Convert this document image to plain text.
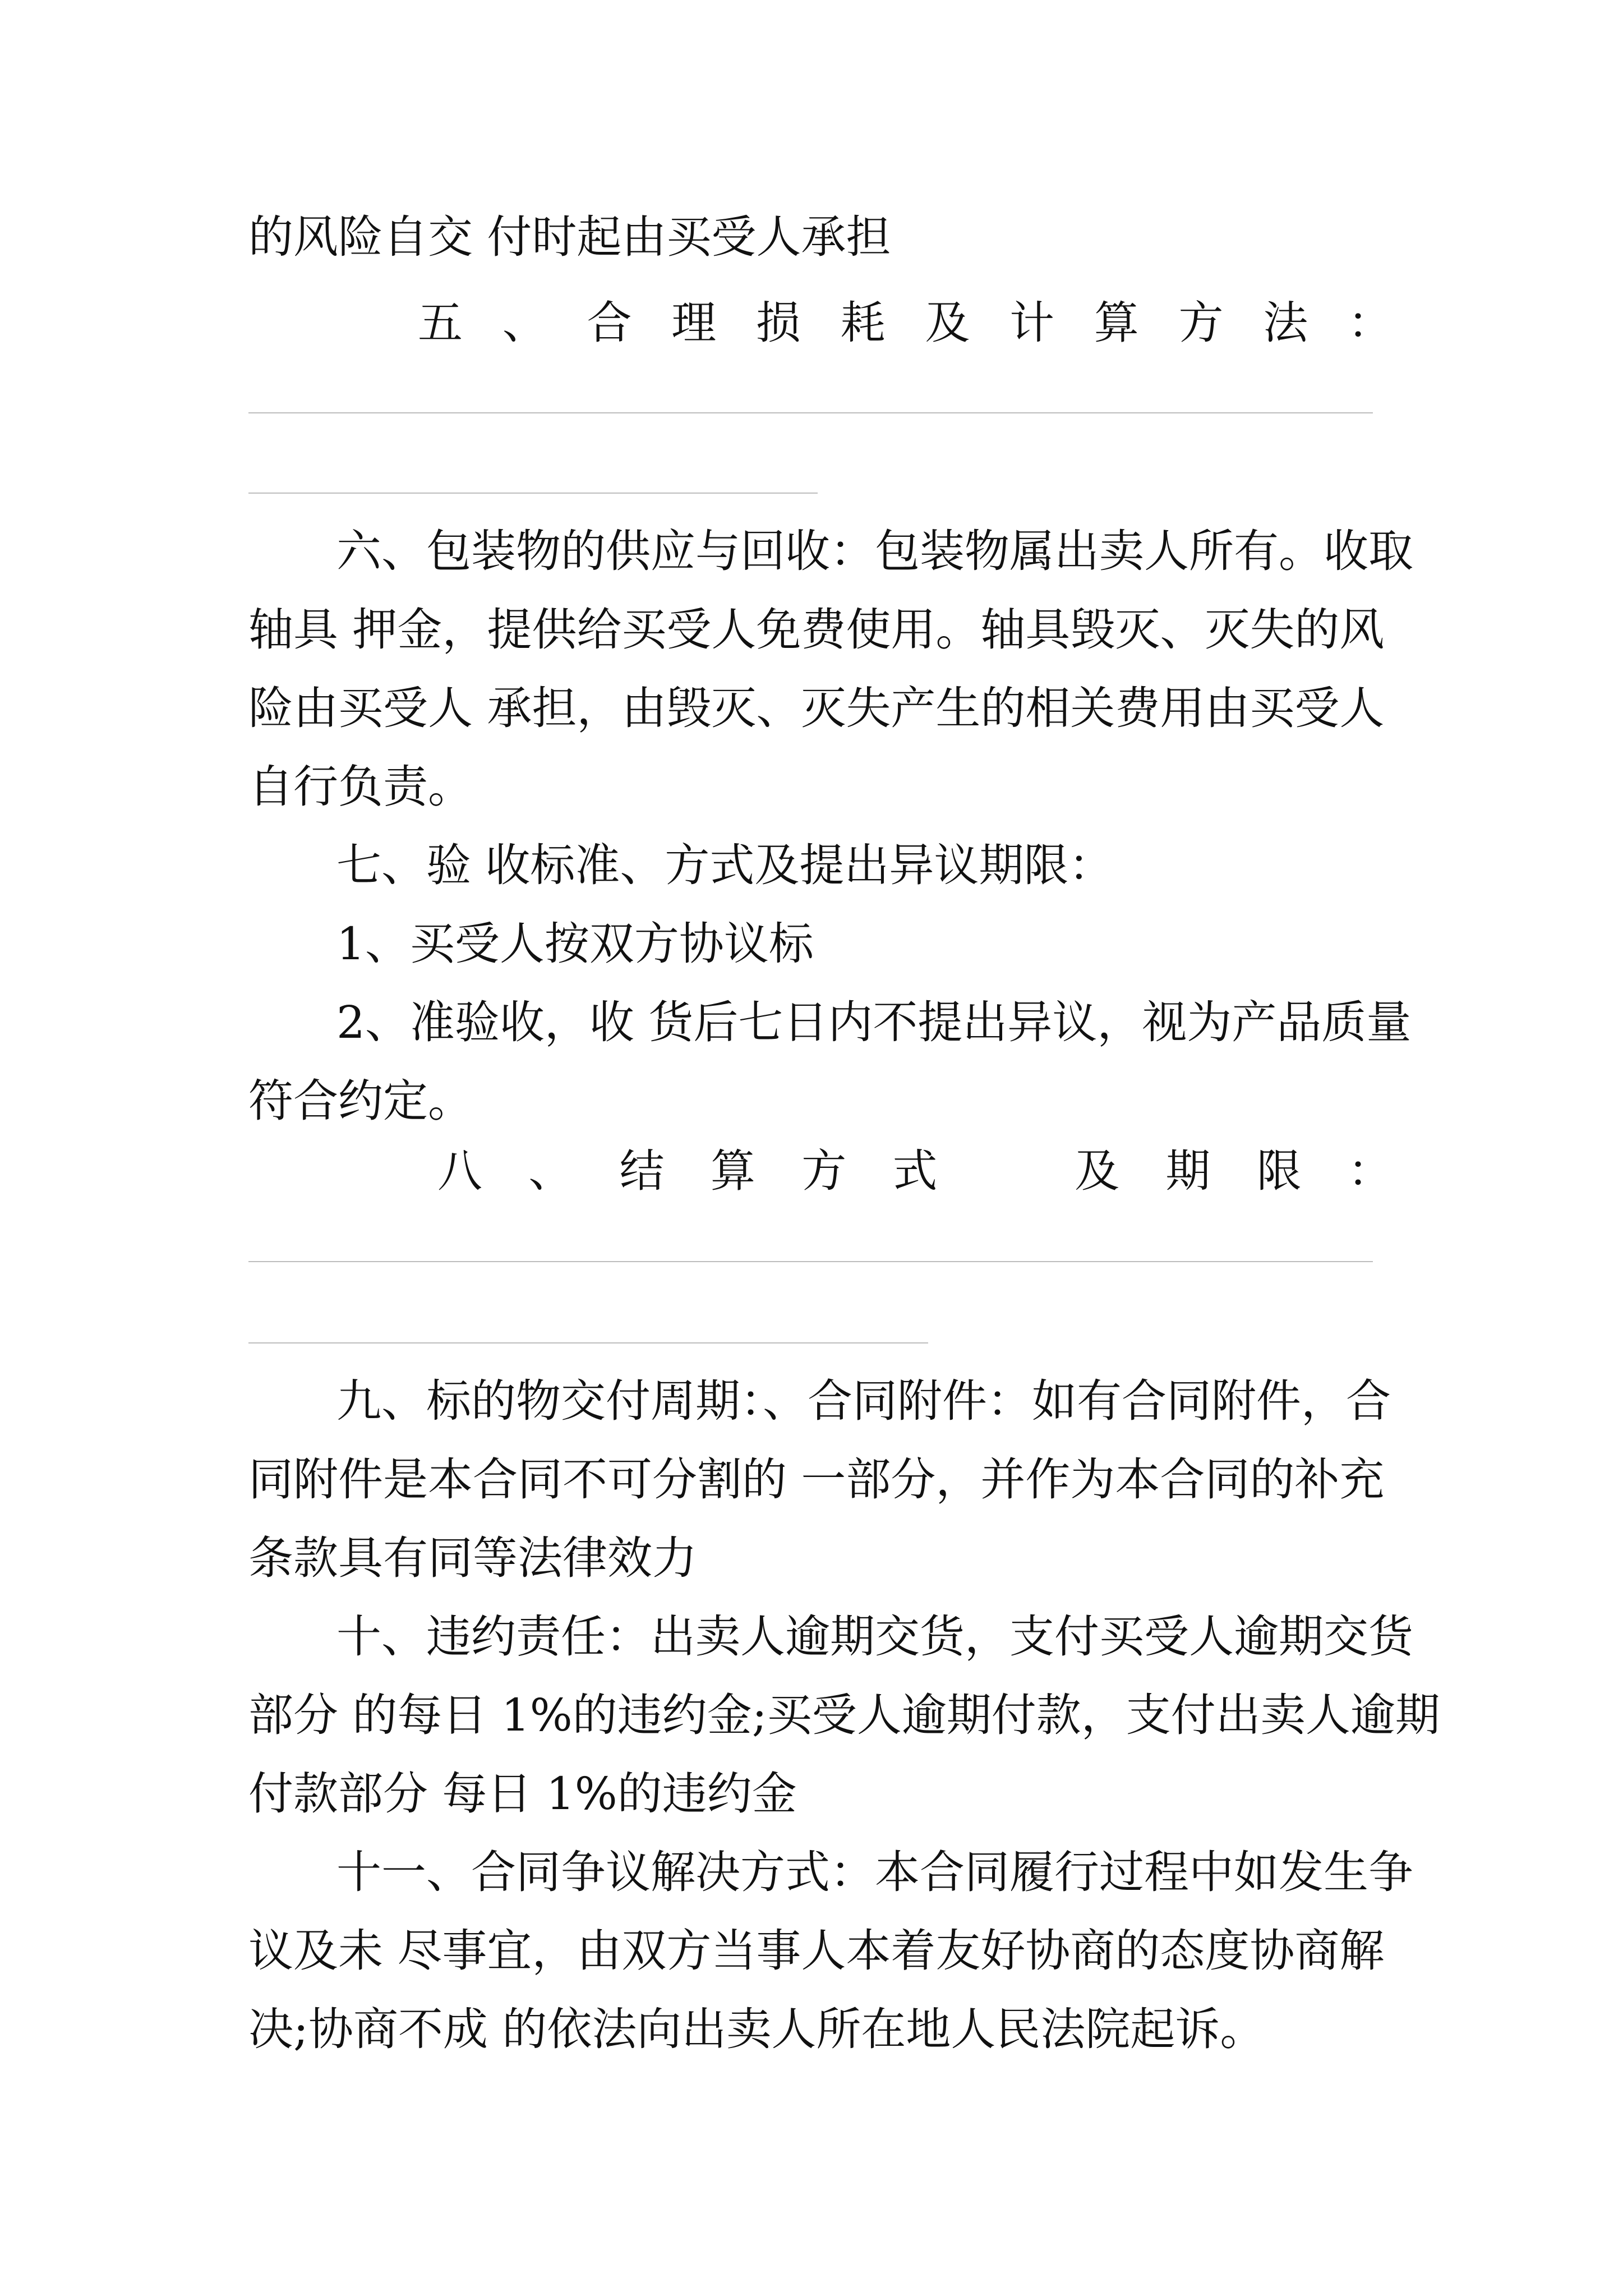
的风险自交 付时起由买受人承担
五 、 合 理 损 耗 及 计 算 方 法 ：
六、包装物的供应与回收：包装物属出卖人所有。收取
轴具 押金，提供给买受人免费使用。轴具毁灭、灭失的风
险由买受人 承担，由毁灭、灭失产生的相关费用由买受人
自行负责。
七、验 收标准、方式及提出异议期限：
1、买受人按双方协议标
2、准验收，收 货后七日内不提出异议，视为产品质量
符合约定。
八 、 结 算 方 式 　 及 期 限 ：
九、标的物交付周期：、合同附件：如有合同附件，合
同附件是本合同不可分割的 一部分，并作为本合同的补充
条款具有同等法律效力
十、违约责任：出卖人逾期交货，支付买受人逾期交货
部分 的每日 1%的违约金;买受人逾期付款，支付出卖人逾期
付款部分 每日 1%的违约金
十一、合同争议解决方式：本合同履行过程中如发生争
议及未 尽事宜，由双方当事人本着友好协商的态度协商解
决;协商不成 的依法向出卖人所在地人民法院起诉。
